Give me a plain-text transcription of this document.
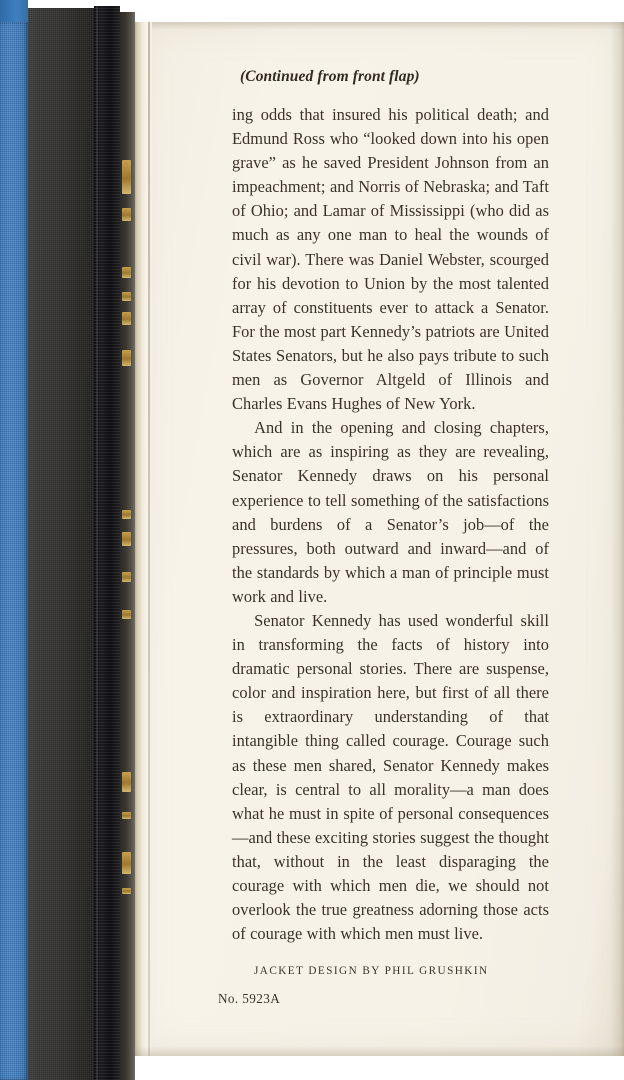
(Continued from front flap)

ing odds that insured his political death; and Edmund Ross who “looked down into his open grave” as he saved President Johnson from an impeachment; and Norris of Nebraska; and Taft of Ohio; and Lamar of Mississippi (who did as much as any one man to heal the wounds of civil war). There was Daniel Webster, scourged for his devotion to Union by the most talented array of constituents ever to attack a Senator. For the most part Kennedy’s patriots are United States Senators, but he also pays tribute to such men as Governor Altgeld of Illinois and Charles Evans Hughes of New York.

And in the opening and closing chapters, which are as inspiring as they are revealing, Senator Kennedy draws on his personal experience to tell something of the satisfactions and burdens of a Senator’s job—of the pressures, both outward and inward—and of the standards by which a man of principle must work and live.

Senator Kennedy has used wonderful skill in transforming the facts of history into dramatic personal stories. There are suspense, color and inspiration here, but first of all there is extraordinary understanding of that intangible thing called courage. Courage such as these men shared, Senator Kennedy makes clear, is central to all morality—a man does what he must in spite of personal consequences—and these exciting stories suggest the thought that, without in the least disparaging the courage with which men die, we should not overlook the true greatness adorning those acts of courage with which men must live.

JACKET DESIGN BY PHIL GRUSHKIN
No. 5923A
